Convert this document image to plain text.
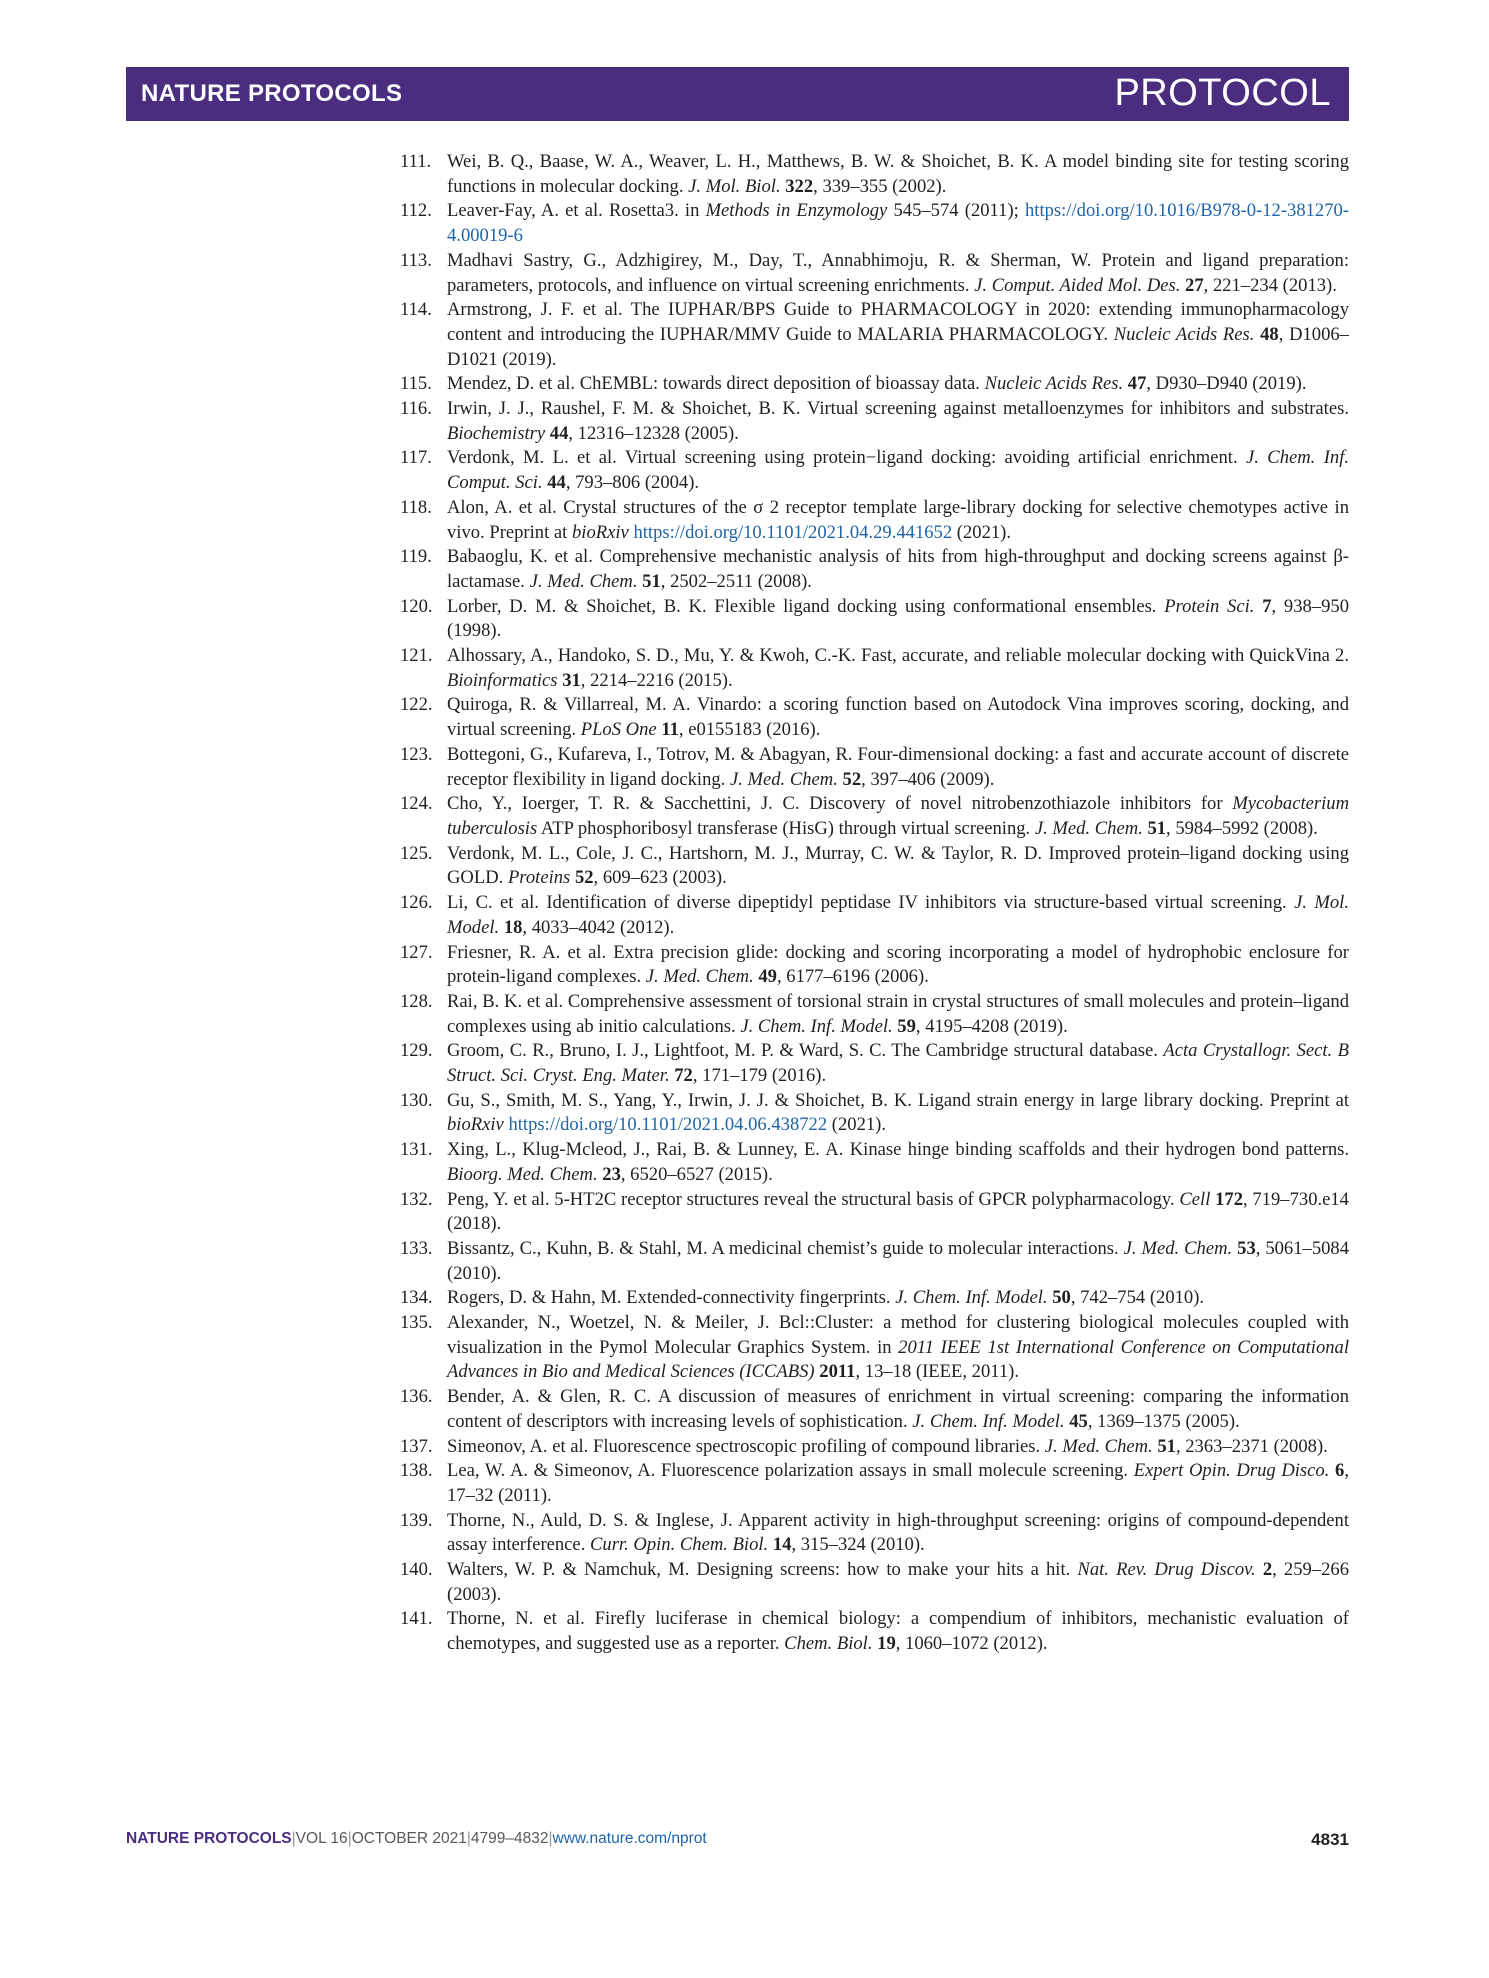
NATURE PROTOCOLS	PROTOCOL
111. Wei, B. Q., Baase, W. A., Weaver, L. H., Matthews, B. W. & Shoichet, B. K. A model binding site for testing scoring functions in molecular docking. J. Mol. Biol. 322, 339–355 (2002).
112. Leaver-Fay, A. et al. Rosetta3. in Methods in Enzymology 545–574 (2011); https://doi.org/10.1016/B978-0-12-381270-4.00019-6
113. Madhavi Sastry, G., Adzhigirey, M., Day, T., Annabhimoju, R. & Sherman, W. Protein and ligand preparation: parameters, protocols, and influence on virtual screening enrichments. J. Comput. Aided Mol. Des. 27, 221–234 (2013).
114. Armstrong, J. F. et al. The IUPHAR/BPS Guide to PHARMACOLOGY in 2020: extending immunopharmacology content and introducing the IUPHAR/MMV Guide to MALARIA PHARMACOLOGY. Nucleic Acids Res. 48, D1006–D1021 (2019).
115. Mendez, D. et al. ChEMBL: towards direct deposition of bioassay data. Nucleic Acids Res. 47, D930–D940 (2019).
116. Irwin, J. J., Raushel, F. M. & Shoichet, B. K. Virtual screening against metalloenzymes for inhibitors and substrates. Biochemistry 44, 12316–12328 (2005).
117. Verdonk, M. L. et al. Virtual screening using protein−ligand docking: avoiding artificial enrichment. J. Chem. Inf. Comput. Sci. 44, 793–806 (2004).
118. Alon, A. et al. Crystal structures of the σ 2 receptor template large-library docking for selective chemotypes active in vivo. Preprint at bioRxiv https://doi.org/10.1101/2021.04.29.441652 (2021).
119. Babaoglu, K. et al. Comprehensive mechanistic analysis of hits from high-throughput and docking screens against β-lactamase. J. Med. Chem. 51, 2502–2511 (2008).
120. Lorber, D. M. & Shoichet, B. K. Flexible ligand docking using conformational ensembles. Protein Sci. 7, 938–950 (1998).
121. Alhossary, A., Handoko, S. D., Mu, Y. & Kwoh, C.-K. Fast, accurate, and reliable molecular docking with QuickVina 2. Bioinformatics 31, 2214–2216 (2015).
122. Quiroga, R. & Villarreal, M. A. Vinardo: a scoring function based on Autodock Vina improves scoring, docking, and virtual screening. PLoS One 11, e0155183 (2016).
123. Bottegoni, G., Kufareva, I., Totrov, M. & Abagyan, R. Four-dimensional docking: a fast and accurate account of discrete receptor flexibility in ligand docking. J. Med. Chem. 52, 397–406 (2009).
124. Cho, Y., Ioerger, T. R. & Sacchettini, J. C. Discovery of novel nitrobenzothiazole inhibitors for Mycobacterium tuberculosis ATP phosphoribosyl transferase (HisG) through virtual screening. J. Med. Chem. 51, 5984–5992 (2008).
125. Verdonk, M. L., Cole, J. C., Hartshorn, M. J., Murray, C. W. & Taylor, R. D. Improved protein–ligand docking using GOLD. Proteins 52, 609–623 (2003).
126. Li, C. et al. Identification of diverse dipeptidyl peptidase IV inhibitors via structure-based virtual screening. J. Mol. Model. 18, 4033–4042 (2012).
127. Friesner, R. A. et al. Extra precision glide: docking and scoring incorporating a model of hydrophobic enclosure for protein-ligand complexes. J. Med. Chem. 49, 6177–6196 (2006).
128. Rai, B. K. et al. Comprehensive assessment of torsional strain in crystal structures of small molecules and protein–ligand complexes using ab initio calculations. J. Chem. Inf. Model. 59, 4195–4208 (2019).
129. Groom, C. R., Bruno, I. J., Lightfoot, M. P. & Ward, S. C. The Cambridge structural database. Acta Crystallogr. Sect. B Struct. Sci. Cryst. Eng. Mater. 72, 171–179 (2016).
130. Gu, S., Smith, M. S., Yang, Y., Irwin, J. J. & Shoichet, B. K. Ligand strain energy in large library docking. Preprint at bioRxiv https://doi.org/10.1101/2021.04.06.438722 (2021).
131. Xing, L., Klug-Mcleod, J., Rai, B. & Lunney, E. A. Kinase hinge binding scaffolds and their hydrogen bond patterns. Bioorg. Med. Chem. 23, 6520–6527 (2015).
132. Peng, Y. et al. 5-HT2C receptor structures reveal the structural basis of GPCR polypharmacology. Cell 172, 719–730.e14 (2018).
133. Bissantz, C., Kuhn, B. & Stahl, M. A medicinal chemist’s guide to molecular interactions. J. Med. Chem. 53, 5061–5084 (2010).
134. Rogers, D. & Hahn, M. Extended-connectivity fingerprints. J. Chem. Inf. Model. 50, 742–754 (2010).
135. Alexander, N., Woetzel, N. & Meiler, J. Bcl::Cluster: a method for clustering biological molecules coupled with visualization in the Pymol Molecular Graphics System. in 2011 IEEE 1st International Conference on Computational Advances in Bio and Medical Sciences (ICCABS) 2011, 13–18 (IEEE, 2011).
136. Bender, A. & Glen, R. C. A discussion of measures of enrichment in virtual screening: comparing the information content of descriptors with increasing levels of sophistication. J. Chem. Inf. Model. 45, 1369–1375 (2005).
137. Simeonov, A. et al. Fluorescence spectroscopic profiling of compound libraries. J. Med. Chem. 51, 2363–2371 (2008).
138. Lea, W. A. & Simeonov, A. Fluorescence polarization assays in small molecule screening. Expert Opin. Drug Disco. 6, 17–32 (2011).
139. Thorne, N., Auld, D. S. & Inglese, J. Apparent activity in high-throughput screening: origins of compound-dependent assay interference. Curr. Opin. Chem. Biol. 14, 315–324 (2010).
140. Walters, W. P. & Namchuk, M. Designing screens: how to make your hits a hit. Nat. Rev. Drug Discov. 2, 259–266 (2003).
141. Thorne, N. et al. Firefly luciferase in chemical biology: a compendium of inhibitors, mechanistic evaluation of chemotypes, and suggested use as a reporter. Chem. Biol. 19, 1060–1072 (2012).
NATURE PROTOCOLS|VOL 16|OCTOBER 2021|4799–4832|www.nature.com/nprot	4831
